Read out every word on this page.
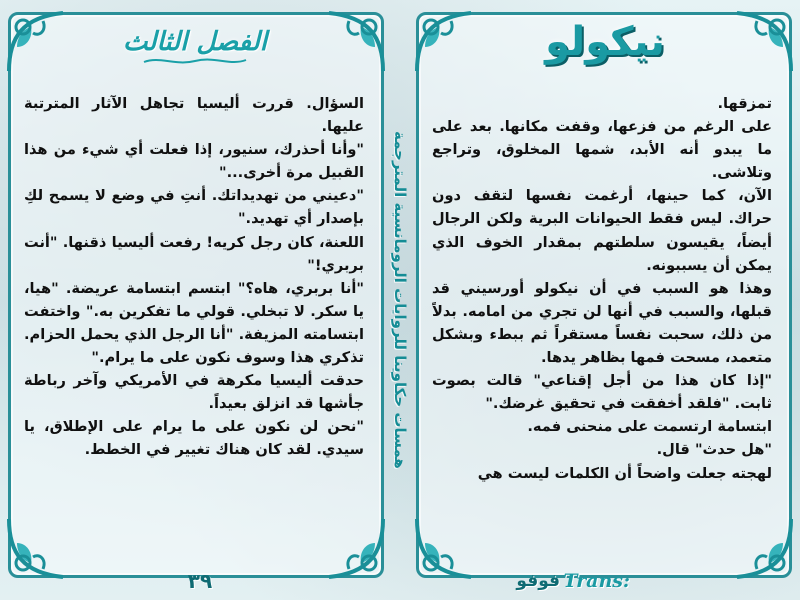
الفصل الثالث	نيكولو
همسات حكاوينا للروايات الرومانسية المترجمة

السؤال. قررت أليسيا تجاهل الآثار المترتبة عليها.

"وأنا أحذرك، سنيور، إذا فعلت أي شيء من هذا القبيل مرة أخرى..."

"دعيني من تهديداتك. أنتِ في وضع لا يسمح لكِ بإصدار أي تهديد."

اللعنة، كان رجل كريه! رفعت أليسيا ذقنها. "أنت بربري!"

"أنا بربري، هاه؟" ابتسم ابتسامة عريضة. "هيا، يا سكر. لا تبخلي. قولي ما تفكرين به." واختفت ابتسامته المزيفة. "أنا الرجل الذي يحمل الحزام. تذكري هذا وسوف نكون على ما يرام."

حدقت أليسيا مكرهة في الأمريكي وآخر رباطة جأشها قد انزلق بعيداً.

"نحن لن نكون على ما يرام على الإطلاق، يا سيدي. لقد كان هناك تغيير في الخطط.

تمزقها.

على الرغم من فزعها، وقفت مكانها. بعد على ما يبدو أنه الأبد، شمها المخلوق، وتراجع وتلاشى.

الآن، كما حينها، أرغمت نفسها لتقف دون حراك. ليس فقط الحيوانات البرية ولكن الرجال أيضاً، يقيسون سلطتهم بمقدار الخوف الذي يمكن أن يسببونه.

وهذا هو السبب في أن نيكولو أورسيني قد قبلها، والسبب في أنها لن تجري من امامه. بدلاً من ذلك، سحبت نفساً مستقراً ثم ببطء وبشكل متعمد، مسحت فمها بظاهر يدها.

"إذا كان هذا من أجل إقناعي" قالت بصوت ثابت. "فلقد أخفقت في تحقيق غرضك."

ابتسامة ارتسمت على منحنى فمه.

"هل حدث" قال.

لهجته جعلت واضحاً أن الكلمات ليست هي

٣٩	Trans:
فوفو
